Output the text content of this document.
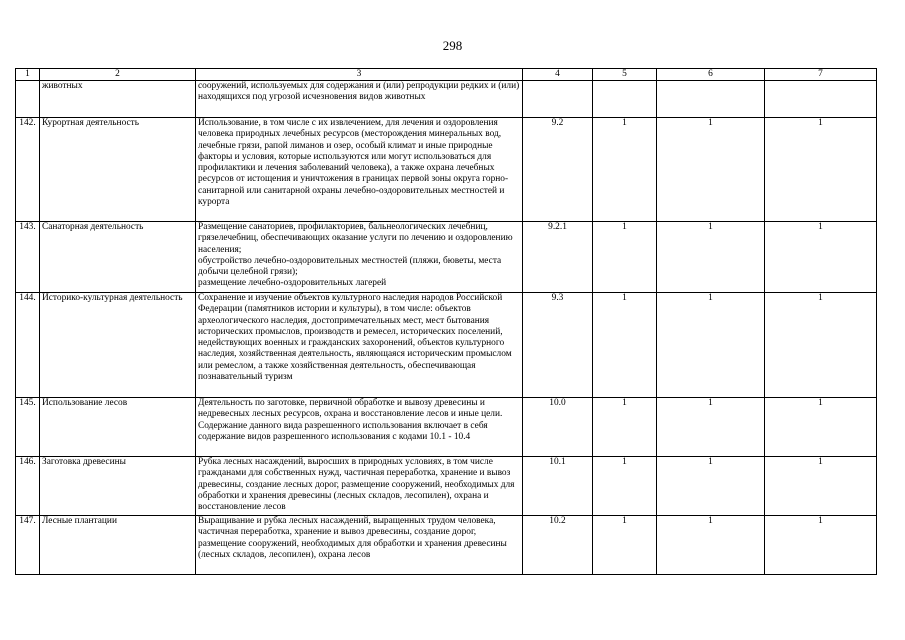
298
1	2	3	4	5	6	7
	животных	сооружений, используемых для содержания и (или) репродукции редких и (или) находящихся под угрозой исчезновения видов животных				
142.	Курортная деятельность	Использование, в том числе с их извлечением, для лечения и оздоровления человека природных лечебных ресурсов (месторождения минеральных вод, лечебные грязи, рапой лиманов и озер, особый климат и иные природные факторы и условия, которые используются или могут использоваться для профилактики и лечения заболеваний человека), а также охрана лечебных ресурсов от истощения и уничтожения в границах первой зоны округа горно-санитарной или санитарной охраны лечебно-оздоровительных местностей и курорта	9.2	1	1	1
143.	Санаторная деятельность	Размещение санаториев, профилакториев, бальнеологических лечебниц, грязелечебниц, обеспечивающих оказание услуги по лечению и оздоровлению населения;
обустройство лечебно-оздоровительных местностей (пляжи, бюветы, места добычи целебной грязи);
размещение лечебно-оздоровительных лагерей	9.2.1	1	1	1
144.	Историко-культурная деятельность	Сохранение и изучение объектов культурного наследия народов Российской Федерации (памятников истории и культуры), в том числе: объектов археологического наследия, достопримечательных мест, мест бытования исторических промыслов, производств и ремесел, исторических поселений, недействующих военных и гражданских захоронений, объектов культурного наследия, хозяйственная деятельность, являющаяся историческим промыслом или ремеслом, а также хозяйственная деятельность, обеспечивающая познавательный туризм	9.3	1	1	1
145.	Использование лесов	Деятельность по заготовке, первичной обработке и вывозу древесины и недревесных лесных ресурсов, охрана и восстановление лесов и иные цели. Содержание данного вида разрешенного использования включает в себя содержание видов разрешенного использования с кодами 10.1 - 10.4	10.0	1	1	1
146.	Заготовка древесины	Рубка лесных насаждений, выросших в природных условиях, в том числе гражданами для собственных нужд, частичная переработка, хранение и вывоз древесины, создание лесных дорог, размещение сооружений, необходимых для обработки и хранения древесины (лесных складов, лесопилен), охрана и восстановление лесов	10.1	1	1	1
147.	Лесные плантации	Выращивание и рубка лесных насаждений, выращенных трудом человека, частичная переработка, хранение и вывоз древесины, создание дорог, размещение сооружений, необходимых для обработки и хранения древесины (лесных складов, лесопилен), охрана лесов	10.2	1	1	1
